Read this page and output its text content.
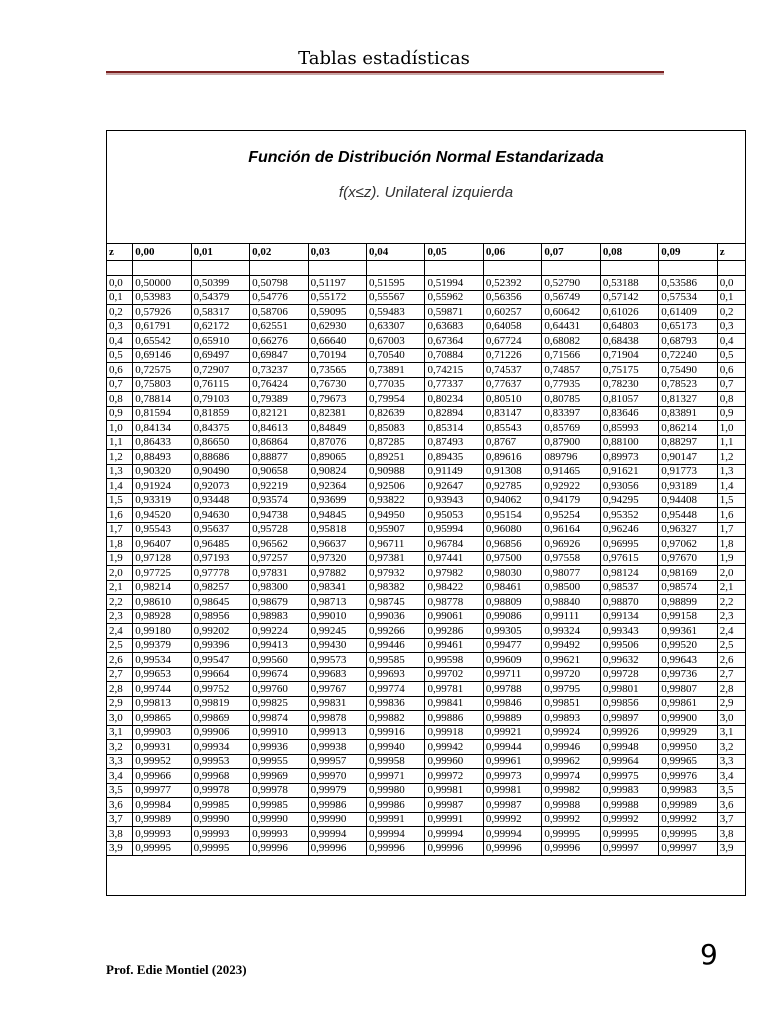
Tablas estadísticas
Función de Distribución Normal Estandarizada
f(x≤z). Unilateral izquierda
z	0,00	0,01	0,02	0,03	0,04	0,05	0,06	0,07	0,08	0,09	z

0,0	0,50000	0,50399	0,50798	0,51197	0,51595	0,51994	0,52392	0,52790	0,53188	0,53586	0,0
0,1	0,53983	0,54379	0,54776	0,55172	0,55567	0,55962	0,56356	0,56749	0,57142	0,57534	0,1
0,2	0,57926	0,58317	0,58706	0,59095	0,59483	0,59871	0,60257	0,60642	0,61026	0,61409	0,2
0,3	0,61791	0,62172	0,62551	0,62930	0,63307	0,63683	0,64058	0,64431	0,64803	0,65173	0,3
0,4	0,65542	0,65910	0,66276	0,66640	0,67003	0,67364	0,67724	0,68082	0,68438	0,68793	0,4
0,5	0,69146	0,69497	0,69847	0,70194	0,70540	0,70884	0,71226	0,71566	0,71904	0,72240	0,5
0,6	0,72575	0,72907	0,73237	0,73565	0,73891	0,74215	0,74537	0,74857	0,75175	0,75490	0,6
0,7	0,75803	0,76115	0,76424	0,76730	0,77035	0,77337	0,77637	0,77935	0,78230	0,78523	0,7
0,8	0,78814	0,79103	0,79389	0,79673	0,79954	0,80234	0,80510	0,80785	0,81057	0,81327	0,8
0,9	0,81594	0,81859	0,82121	0,82381	0,82639	0,82894	0,83147	0,83397	0,83646	0,83891	0,9
1,0	0,84134	0,84375	0,84613	0,84849	0,85083	0,85314	0,85543	0,85769	0,85993	0,86214	1,0
1,1	0,86433	0,86650	0,86864	0,87076	0,87285	0,87493	0,8767	0,87900	0,88100	0,88297	1,1
1,2	0,88493	0,88686	0,88877	0,89065	0,89251	0,89435	0,89616	089796	0,89973	0,90147	1,2
1,3	0,90320	0,90490	0,90658	0,90824	0,90988	0,91149	0,91308	0,91465	0,91621	0,91773	1,3
1,4	0,91924	0,92073	0,92219	0,92364	0,92506	0,92647	0,92785	0,92922	0,93056	0,93189	1,4
1,5	0,93319	0,93448	0,93574	0,93699	0,93822	0,93943	0,94062	0,94179	0,94295	0,94408	1,5
1,6	0,94520	0,94630	0,94738	0,94845	0,94950	0,95053	0,95154	0,95254	0,95352	0,95448	1,6
1,7	0,95543	0,95637	0,95728	0,95818	0,95907	0,95994	0,96080	0,96164	0,96246	0,96327	1,7
1,8	0,96407	0,96485	0,96562	0,96637	0,96711	0,96784	0,96856	0,96926	0,96995	0,97062	1,8
1,9	0,97128	0,97193	0,97257	0,97320	0,97381	0,97441	0,97500	0,97558	0,97615	0,97670	1,9
2,0	0,97725	0,97778	0,97831	0,97882	0,97932	0,97982	0,98030	0,98077	0,98124	0,98169	2,0
2,1	0,98214	0,98257	0,98300	0,98341	0,98382	0,98422	0,98461	0,98500	0,98537	0,98574	2,1
2,2	0,98610	0,98645	0,98679	0,98713	0,98745	0,98778	0,98809	0,98840	0,98870	0,98899	2,2
2,3	0,98928	0,98956	0,98983	0,99010	0,99036	0,99061	0,99086	0,99111	0,99134	0,99158	2,3
2,4	0,99180	0,99202	0,99224	0,99245	0,99266	0,99286	0,99305	0,99324	0,99343	0,99361	2,4
2,5	0,99379	0,99396	0,99413	0,99430	0,99446	0,99461	0,99477	0,99492	0,99506	0,99520	2,5
2,6	0,99534	0,99547	0,99560	0,99573	0,99585	0,99598	0,99609	0,99621	0,99632	0,99643	2,6
2,7	0,99653	0,99664	0,99674	0,99683	0,99693	0,99702	0,99711	0,99720	0,99728	0,99736	2,7
2,8	0,99744	0,99752	0,99760	0,99767	0,99774	0,99781	0,99788	0,99795	0,99801	0,99807	2,8
2,9	0,99813	0,99819	0,99825	0,99831	0,99836	0,99841	0,99846	0,99851	0,99856	0,99861	2,9
3,0	0,99865	0,99869	0,99874	0,99878	0,99882	0,99886	0,99889	0,99893	0,99897	0,99900	3,0
3,1	0,99903	0,99906	0,99910	0,99913	0,99916	0,99918	0,99921	0,99924	0,99926	0,99929	3,1
3,2	0,99931	0,99934	0,99936	0,99938	0,99940	0,99942	0,99944	0,99946	0,99948	0,99950	3,2
3,3	0,99952	0,99953	0,99955	0,99957	0,99958	0,99960	0,99961	0,99962	0,99964	0,99965	3,3
3,4	0,99966	0,99968	0,99969	0,99970	0,99971	0,99972	0,99973	0,99974	0,99975	0,99976	3,4
3,5	0,99977	0,99978	0,99978	0,99979	0,99980	0,99981	0,99981	0,99982	0,99983	0,99983	3,5
3,6	0,99984	0,99985	0,99985	0,99986	0,99986	0,99987	0,99987	0,99988	0,99988	0,99989	3,6
3,7	0,99989	0,99990	0,99990	0,99990	0,99991	0,99991	0,99992	0,99992	0,99992	0,99992	3,7
3,8	0,99993	0,99993	0,99993	0,99994	0,99994	0,99994	0,99994	0,99995	0,99995	0,99995	3,8
3,9	0,99995	0,99995	0,99996	0,99996	0,99996	0,99996	0,99996	0,99996	0,99997	0,99997	3,9
Prof. Edie Montiel (2023)	9
